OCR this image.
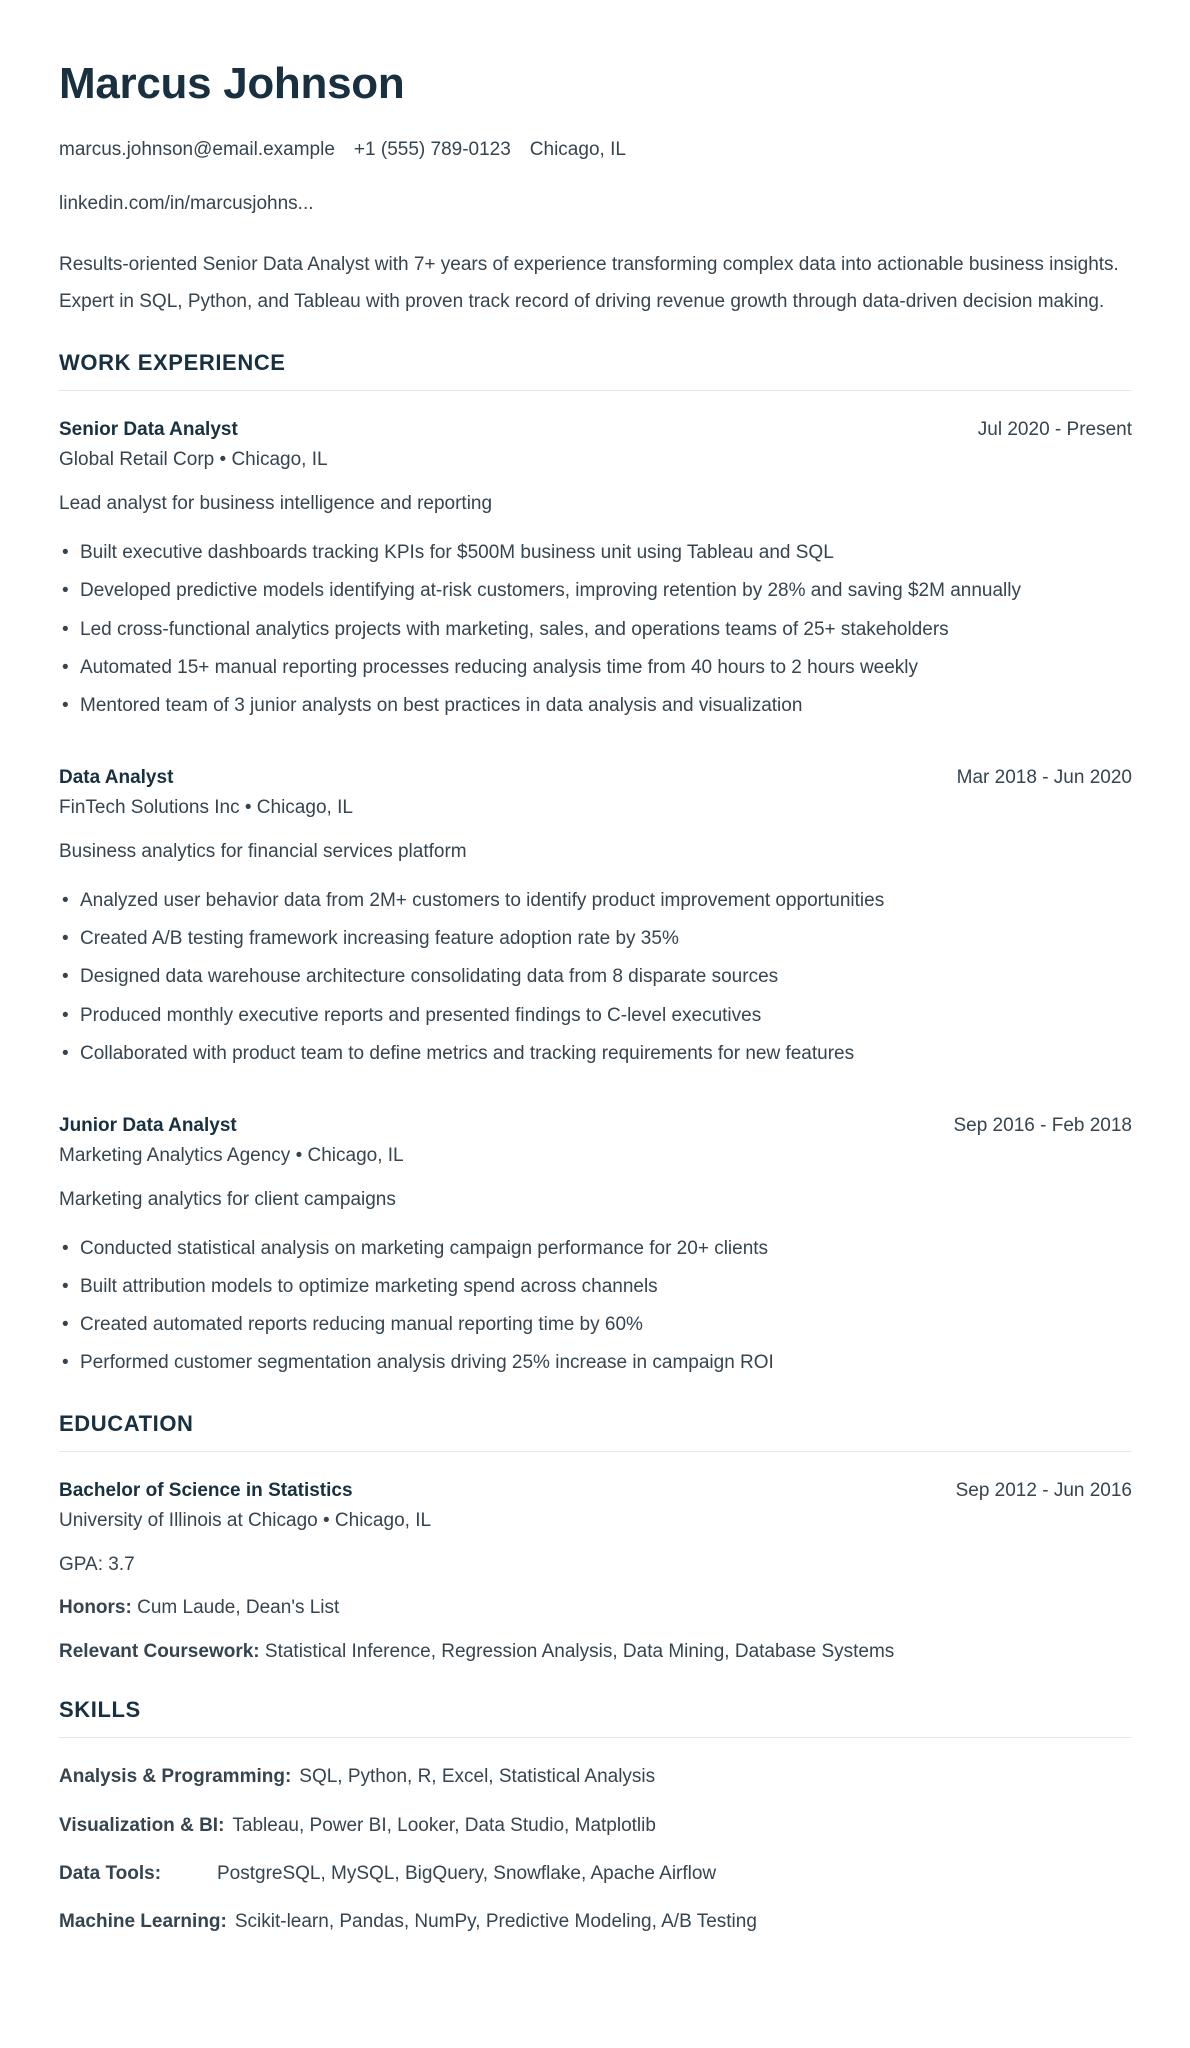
Marcus Johnson
marcus.johnson@email.example +1 (555) 789-0123 Chicago, IL
linkedin.com/in/marcusjohns...

Results-oriented Senior Data Analyst with 7+ years of experience transforming complex data into actionable business insights. Expert in SQL, Python, and Tableau with proven track record of driving revenue growth through data-driven decision making.

WORK EXPERIENCE
Senior Data Analyst	Jul 2020 - Present
Global Retail Corp • Chicago, IL

Lead analyst for business intelligence and reporting

• Built executive dashboards tracking KPIs for $500M business unit using Tableau and SQL
• Developed predictive models identifying at-risk customers, improving retention by 28% and saving $2M annually
• Led cross-functional analytics projects with marketing, sales, and operations teams of 25+ stakeholders
• Automated 15+ manual reporting processes reducing analysis time from 40 hours to 2 hours weekly
• Mentored team of 3 junior analysts on best practices in data analysis and visualization
Data Analyst	Mar 2018 - Jun 2020
FinTech Solutions Inc • Chicago, IL

Business analytics for financial services platform

• Analyzed user behavior data from 2M+ customers to identify product improvement opportunities
• Created A/B testing framework increasing feature adoption rate by 35%
• Designed data warehouse architecture consolidating data from 8 disparate sources
• Produced monthly executive reports and presented findings to C-level executives
• Collaborated with product team to define metrics and tracking requirements for new features
Junior Data Analyst	Sep 2016 - Feb 2018
Marketing Analytics Agency • Chicago, IL

Marketing analytics for client campaigns

• Conducted statistical analysis on marketing campaign performance for 20+ clients
• Built attribution models to optimize marketing spend across channels
• Created automated reports reducing manual reporting time by 60%
• Performed customer segmentation analysis driving 25% increase in campaign ROI
EDUCATION
Bachelor of Science in Statistics	Sep 2012 - Jun 2016
University of Illinois at Chicago • Chicago, IL
GPA: 3.7
Honors: Cum Laude, Dean's List
Relevant Coursework: Statistical Inference, Regression Analysis, Data Mining, Database Systems
SKILLS
Analysis & Programming: SQL, Python, R, Excel, Statistical Analysis
Visualization & BI: Tableau, Power BI, Looker, Data Studio, Matplotlib
Data Tools:	PostgreSQL, MySQL, BigQuery, Snowflake, Apache Airflow
Machine Learning: Scikit-learn, Pandas, NumPy, Predictive Modeling, A/B Testing
